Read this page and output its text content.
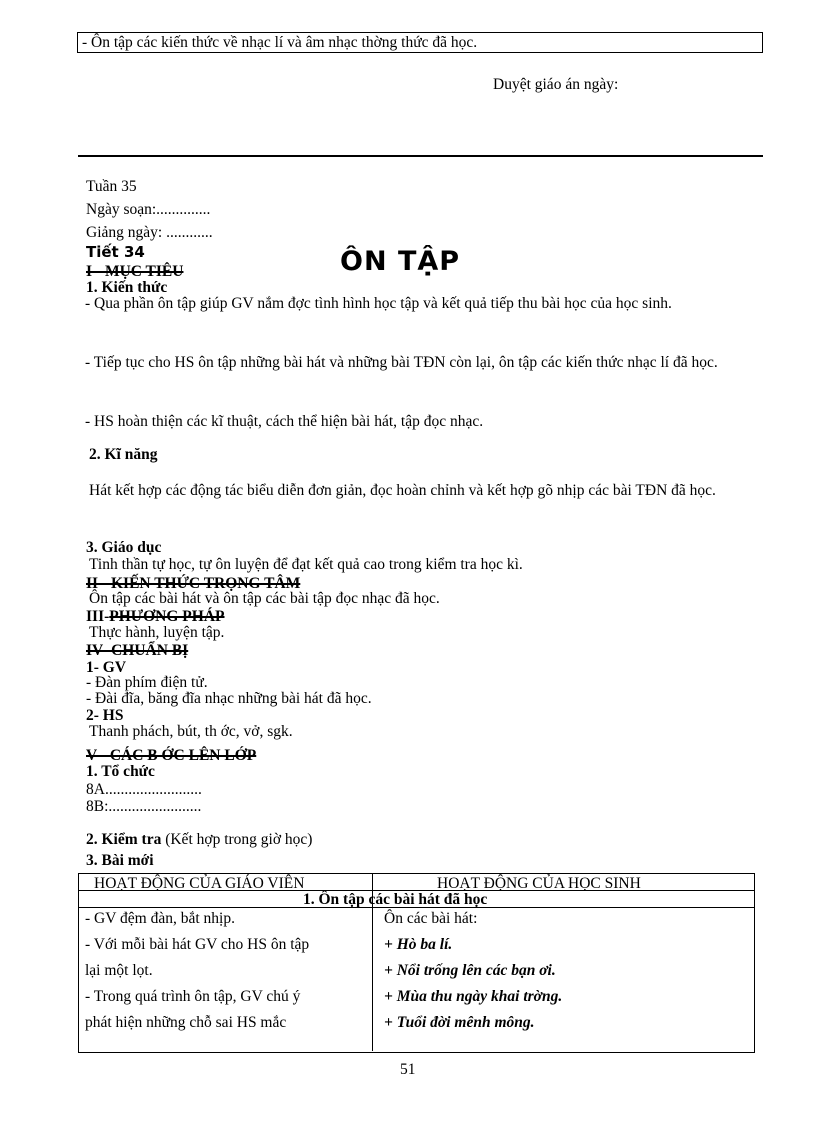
- Ôn tập các kiến thức về nhạc lí và âm nhạc thờng thức đã học.
Duyệt giáo án ngày:
Tuần 35
Ngày soạn:..............
Giảng ngày: ............
Tiết 34	ÔN TẬP
I - MỤC TIÊU
1. Kiến thức
- Qua phần ôn tập giúp GV nắm đợc tình hình học tập và kết quả tiếp thu bài học của học sinh.
- Tiếp tục cho HS ôn tập những bài hát và những bài TĐN còn lại, ôn tập các kiến thức nhạc lí đã học.
- HS hoàn thiện các kĩ thuật, cách thể hiện bài hát, tập đọc nhạc.
2. Kĩ năng
Hát kết hợp các động tác biểu diễn đơn giản, đọc hoàn chỉnh và kết hợp gõ nhịp các bài TĐN đã học.
3. Giáo dục
Tinh thần tự học, tự ôn luyện để đạt kết quả cao trong kiểm tra học kì.
II - KIẾN THỨC TRỌNG TÂM
Ôn tập các bài hát và ôn tập các bài tập đọc nhạc đã học.
III-PHƯƠNG PHÁP
Thực hành, luyện tập.
IV- CHUẨN BỊ
1- GV
- Đàn phím điện tử.
- Đài đĩa, băng đĩa nhạc những bài hát đã học.
2- HS
Thanh phách, bút, th ớc, vở, sgk.
V - CÁC B ỚC LÊN LỚP
1. Tổ chức
8A.........................
8B:........................
2. Kiểm tra (Kết hợp trong giờ học)
3. Bài mới
HOẠT ĐỘNG CỦA GIÁO VIÊN	HOẠT ĐỘNG CỦA HỌC SINH
1. Ôn tập các bài hát đã học
- GV đệm đàn, bắt nhịp.
- Với mỗi bài hát GV cho HS ôn tập
lại một lọt.
- Trong quá trình ôn tập, GV chú ý
phát hiện những chỗ sai HS mắc
Ôn các bài hát:
+ Hò ba lí.
+ Nổi trống lên các bạn ơi.
+ Mùa thu ngày khai trờng.
+ Tuổi đời mênh mông.
51
